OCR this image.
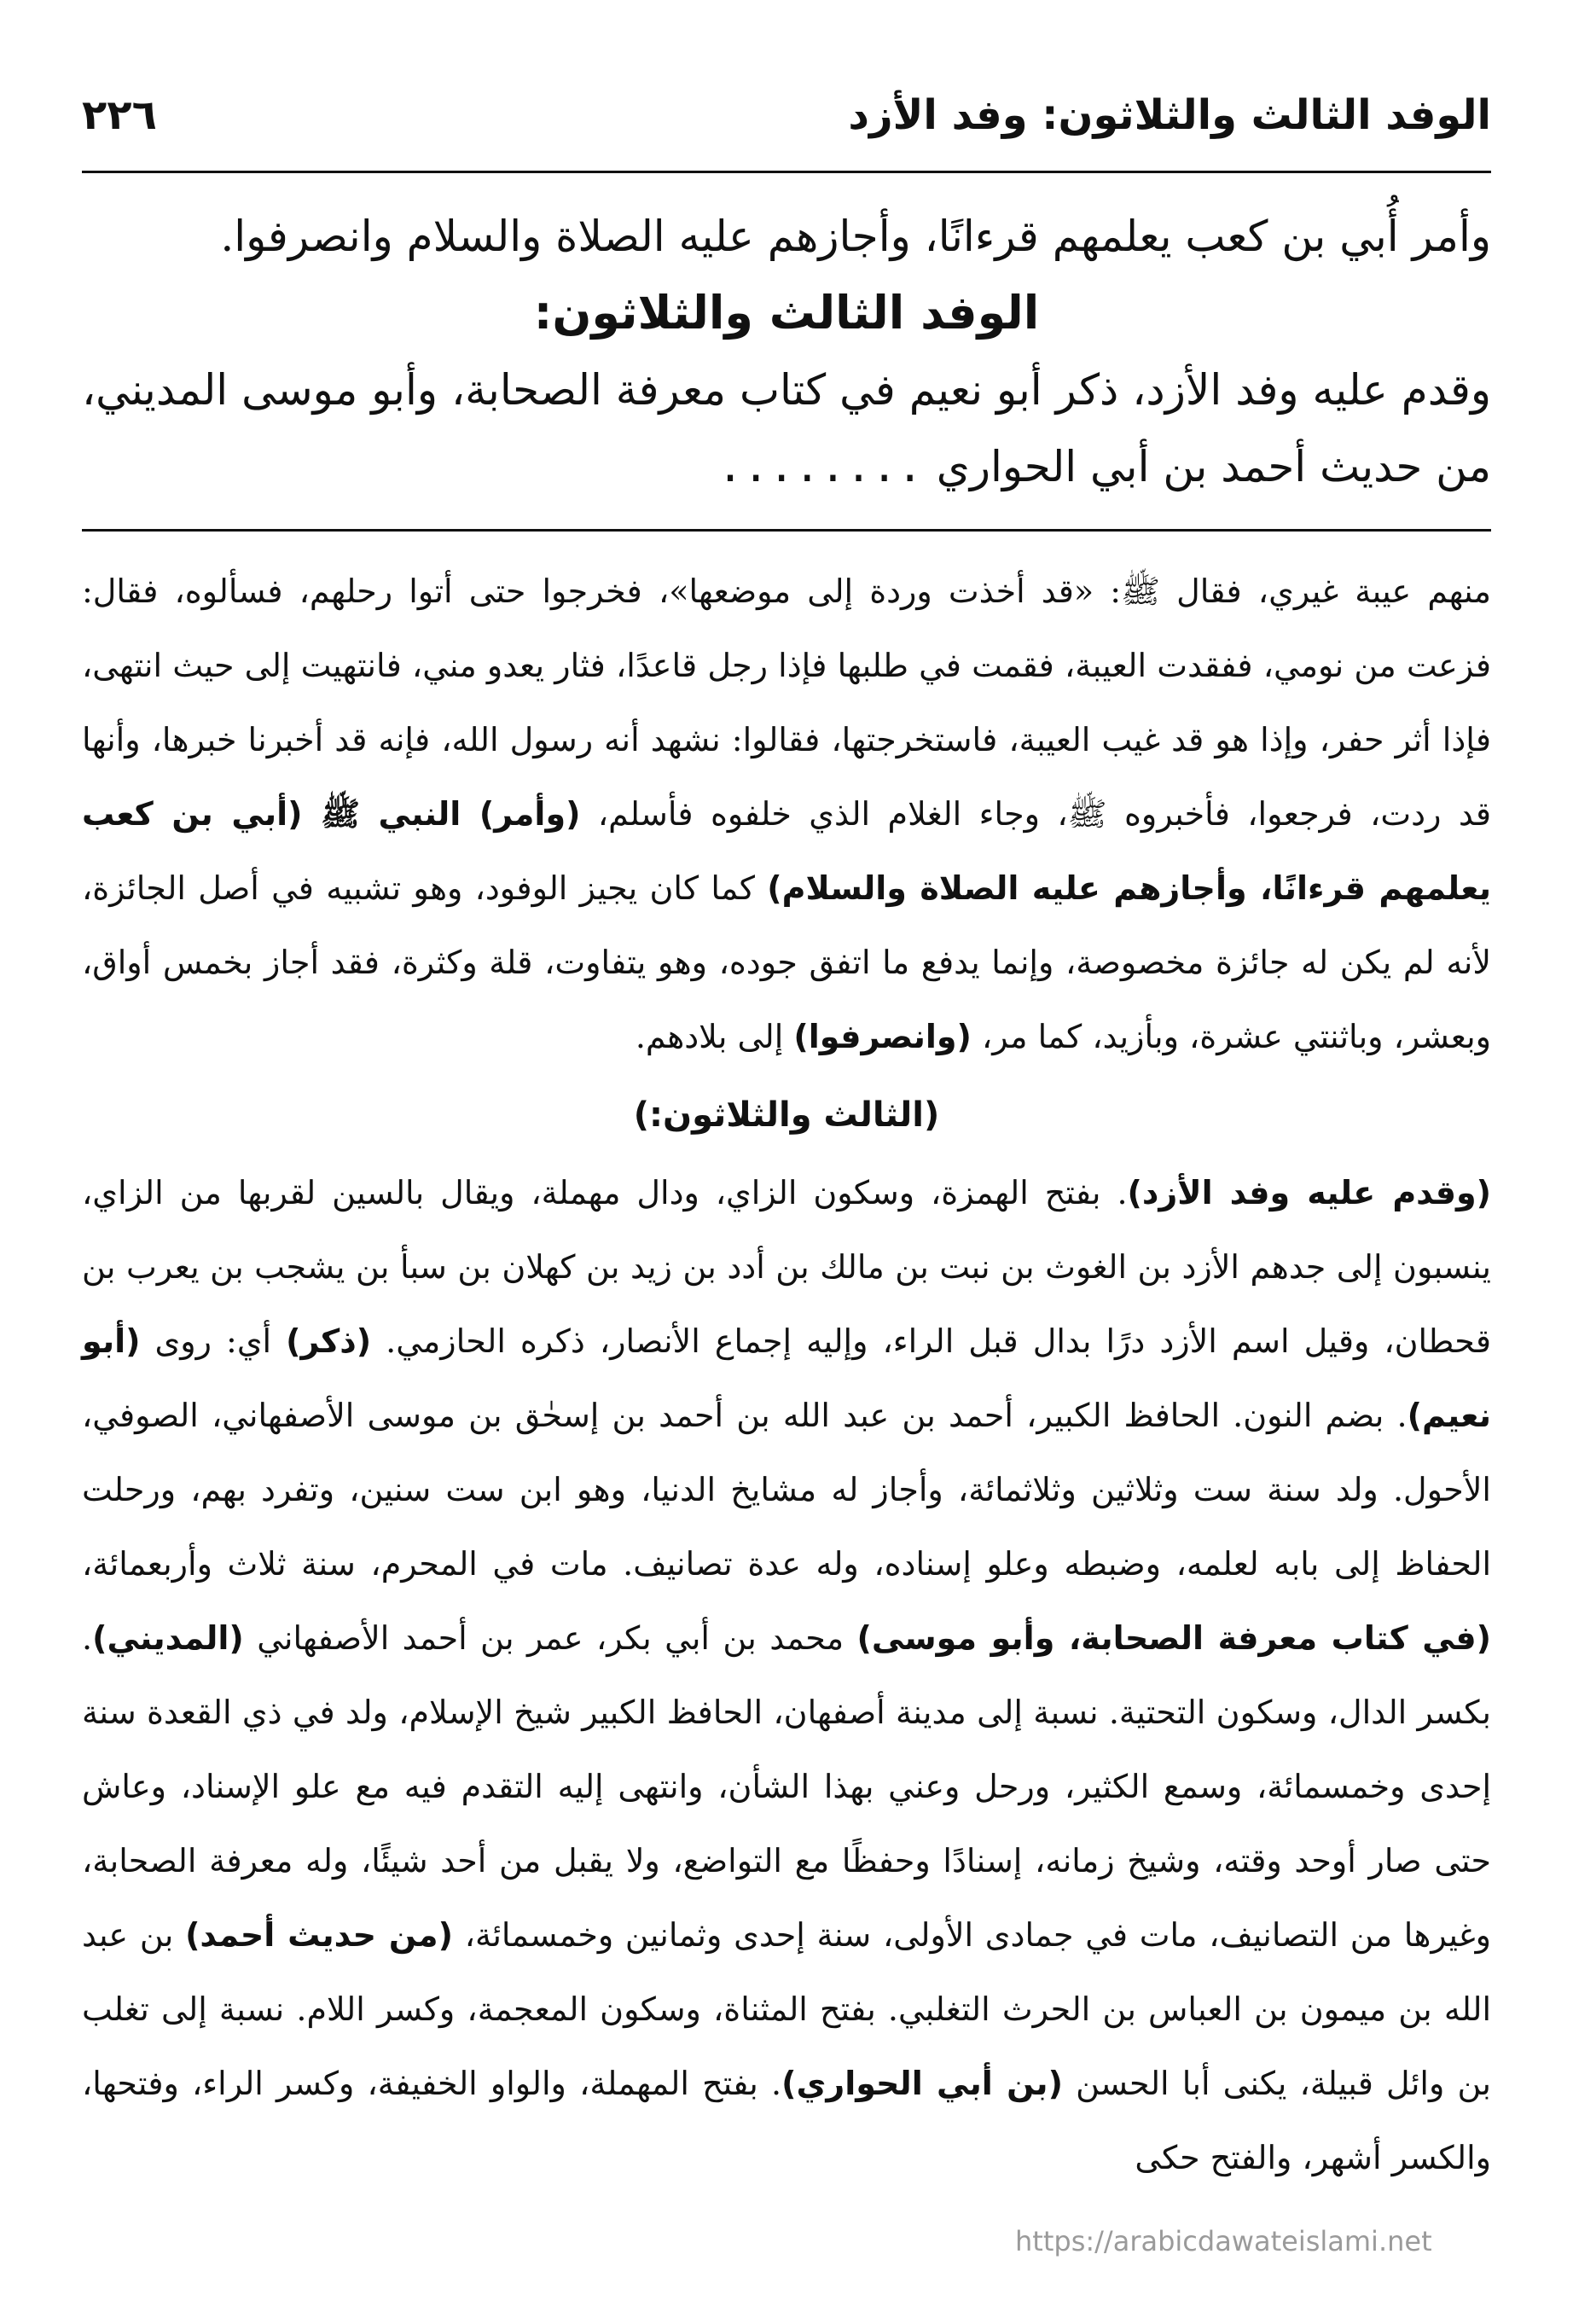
الوفد الثالث والثلاثون: وفد الأزد
٢٢٦

وأمر أُبي بن كعب يعلمهم قرءانًا، وأجازهم عليه الصلاة والسلام وانصرفوا.

الوفد الثالث والثلاثون:

وقدم عليه وفد الأزد، ذكر أبو نعيم في كتاب معرفة الصحابة، وأبو موسى المديني، من حديث أحمد بن أبي الحواري ........

منهم عيبة غيري، فقال ﷺ: «قد أخذت وردة إلى موضعها»، فخرجوا حتى أتوا رحلهم، فسألوه، فقال: فزعت من نومي، ففقدت العيبة، فقمت في طلبها فإذا رجل قاعدًا، فثار يعدو مني، فانتهيت إلى حيث انتهى، فإذا أثر حفر، وإذا هو قد غيب العيبة، فاستخرجتها، فقالوا: نشهد أنه رسول الله، فإنه قد أخبرنا خبرها، وأنها قد ردت، فرجعوا، فأخبروه ﷺ، وجاء الغلام الذي خلفوه فأسلم، (وأمر) النبي ﷺ (أبي بن كعب يعلمهم قرءانًا، وأجازهم عليه الصلاة والسلام) كما كان يجيز الوفود، وهو تشبيه في أصل الجائزة، لأنه لم يكن له جائزة مخصوصة، وإنما يدفع ما اتفق جوده، وهو يتفاوت، قلة وكثرة، فقد أجاز بخمس أواق، وبعشر، وباثنتي عشرة، وبأزيد، كما مر، (وانصرفوا) إلى بلادهم.

(الثالث والثلاثون:)

(وقدم عليه وفد الأزد). بفتح الهمزة، وسكون الزاي، ودال مهملة، ويقال بالسين لقربها من الزاي، ينسبون إلى جدهم الأزد بن الغوث بن نبت بن مالك بن أدد بن زيد بن كهلان بن سبأ بن يشجب بن يعرب بن قحطان، وقيل اسم الأزد درًا بدال قبل الراء، وإليه إجماع الأنصار، ذكره الحازمي. (ذكر) أي: روى (أبو نعيم). بضم النون. الحافظ الكبير، أحمد بن عبد الله بن أحمد بن إسحٰق بن موسى الأصفهاني، الصوفي، الأحول. ولد سنة ست وثلاثين وثلاثمائة، وأجاز له مشايخ الدنيا، وهو ابن ست سنين، وتفرد بهم، ورحلت الحفاظ إلى بابه لعلمه، وضبطه وعلو إسناده، وله عدة تصانيف. مات في المحرم، سنة ثلاث وأربعمائة، (في كتاب معرفة الصحابة، وأبو موسى) محمد بن أبي بكر، عمر بن أحمد الأصفهاني (المديني). بكسر الدال، وسكون التحتية. نسبة إلى مدينة أصفهان، الحافظ الكبير شيخ الإسلام، ولد في ذي القعدة سنة إحدى وخمسمائة، وسمع الكثير، ورحل وعني بهذا الشأن، وانتهى إليه التقدم فيه مع علو الإسناد، وعاش حتى صار أوحد وقته، وشيخ زمانه، إسنادًا وحفظًا مع التواضع، ولا يقبل من أحد شيئًا، وله معرفة الصحابة، وغيرها من التصانيف، مات في جمادى الأولى، سنة إحدى وثمانين وخمسمائة، (من حديث أحمد) بن عبد الله بن ميمون بن العباس بن الحرث التغلبي. بفتح المثناة، وسكون المعجمة، وكسر اللام. نسبة إلى تغلب بن وائل قبيلة، يكنى أبا الحسن (بن أبي الحواري). بفتح المهملة، والواو الخفيفة، وكسر الراء، وفتحها، والكسر أشهر، والفتح حكى

https://arabicdawateislami.net
